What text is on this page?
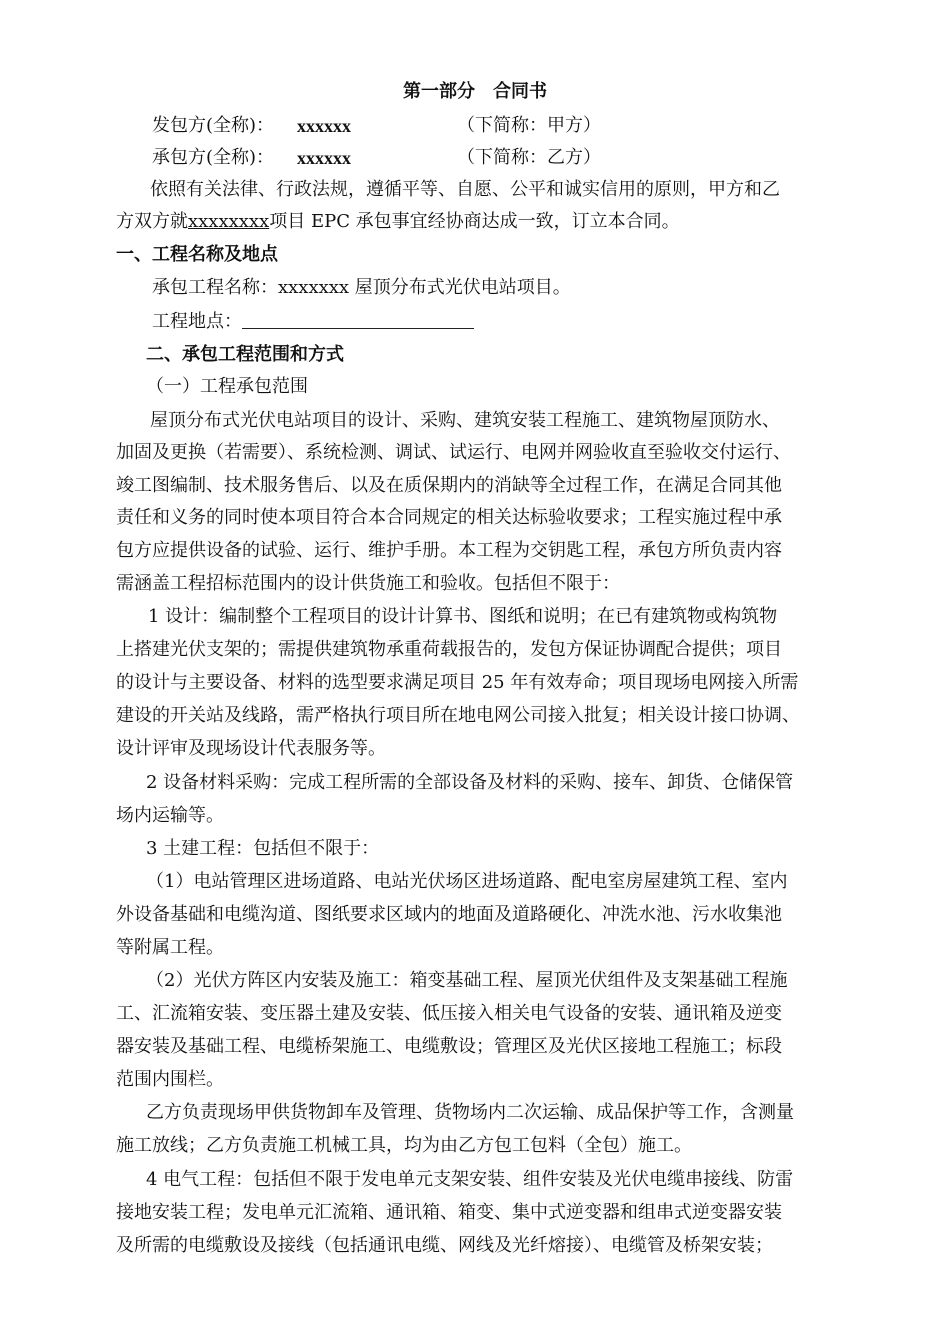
第一部分　合同书
发包方(全称)： xxxxxx	（下简称：甲方）
承包方(全称)： xxxxxx	（下简称：乙方）
依照有关法律、行政法规，遵循平等、自愿、公平和诚实信用的原则，甲方和乙
方双方就xxxxxxxx项目 EPC 承包事宜经协商达成一致，订立本合同。
一、工程名称及地点
承包工程名称：xxxxxxx 屋顶分布式光伏电站项目。
工程地点：
二、承包工程范围和方式
（一）工程承包范围
屋顶分布式光伏电站项目的设计、采购、建筑安装工程施工、建筑物屋顶防水、
加固及更换（若需要）、系统检测、调试、试运行、电网并网验收直至验收交付运行、
竣工图编制、技术服务售后、以及在质保期内的消缺等全过程工作，在满足合同其他
责任和义务的同时使本项目符合本合同规定的相关达标验收要求；工程实施过程中承
包方应提供设备的试验、运行、维护手册。本工程为交钥匙工程，承包方所负责内容
需涵盖工程招标范围内的设计供货施工和验收。包括但不限于：
1 设计：编制整个工程项目的设计计算书、图纸和说明；在已有建筑物或构筑物
上搭建光伏支架的；需提供建筑物承重荷载报告的，发包方保证协调配合提供；项目
的设计与主要设备、材料的选型要求满足项目 25 年有效寿命；项目现场电网接入所需
建设的开关站及线路，需严格执行项目所在地电网公司接入批复；相关设计接口协调、
设计评审及现场设计代表服务等。
2 设备材料采购：完成工程所需的全部设备及材料的采购、接车、卸货、仓储保管
场内运输等。
3 土建工程：包括但不限于：
（1）电站管理区进场道路、电站光伏场区进场道路、配电室房屋建筑工程、室内
外设备基础和电缆沟道、图纸要求区域内的地面及道路硬化、冲洗水池、污水收集池
等附属工程。
（2）光伏方阵区内安装及施工：箱变基础工程、屋顶光伏组件及支架基础工程施
工、汇流箱安装、变压器土建及安装、低压接入相关电气设备的安装、通讯箱及逆变
器安装及基础工程、电缆桥架施工、电缆敷设；管理区及光伏区接地工程施工；标段
范围内围栏。
乙方负责现场甲供货物卸车及管理、货物场内二次运输、成品保护等工作，含测量
施工放线；乙方负责施工机械工具，均为由乙方包工包料（全包）施工。
4 电气工程：包括但不限于发电单元支架安装、组件安装及光伏电缆串接线、防雷
接地安装工程；发电单元汇流箱、通讯箱、箱变、集中式逆变器和组串式逆变器安装
及所需的电缆敷设及接线（包括通讯电缆、网线及光纤熔接）、电缆管及桥架安装；
